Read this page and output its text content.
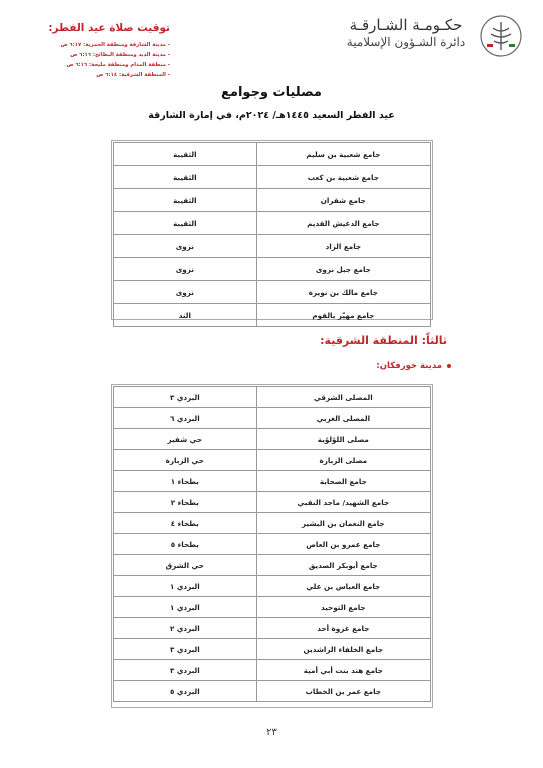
حكـومـة الشـارقـة
دائرة الشـؤون الإسلامية
توقيت صلاة عيد الفطر:
- مدينة الشارقة ومنطقة الحمرية: ٦:١٧ ص
- مدينة الذيد ومنطقة البطائح: ٦:١٦ ص
- منطقة المدام ومنطقة مليحة: ٦:١٦ ص
- المنطقة الشرقية: ٦:١٤ ص
مصليات وجوامع
عيد الفطر السعيد ١٤٤٥هـ/ ٢٠٢٤م، في إمارة الشارقة
جامع شعبية بن سليم	الثقيبة
جامع شعبية بن كعب	الثقيبة
جامع شقران	الثقيبة
جامع الدغيش القديم	الثقيبة
جامع الزاد	نزوى
جامع جبل نزوى	نزوى
جامع مالك بن نويرة	نزوى
جامع مهيّر بالقوم	الند
ثالثاً: المنطقة الشرقية:
مدينة خورفكان:
المصلى الشرقي	البردي ٣
المصلى الغربي	البردي ٦
مصلى اللؤلؤية	حي شقير
مصلى الزبارة	حي الزبارة
جامع الصحابة	بطحاء ١
جامع الشهيد/ ماجد النقبي	بطحاء ٢
جامع النعمان بن البشير	بطحاء ٤
جامع عمرو بن العاص	بطحاء ٥
جامع أبوبكر الصديق	حي الشرق
جامع العباس بن علي	البردي ١
جامع التوحيد	البردي ١
جامع غزوة أحد	البردي ٢
جامع الخلفاء الراشدين	البردي ٣
جامع هند بنت أبي أمية	البردي ٣
جامع عمر بن الخطاب	البردي ٥
٢٣
